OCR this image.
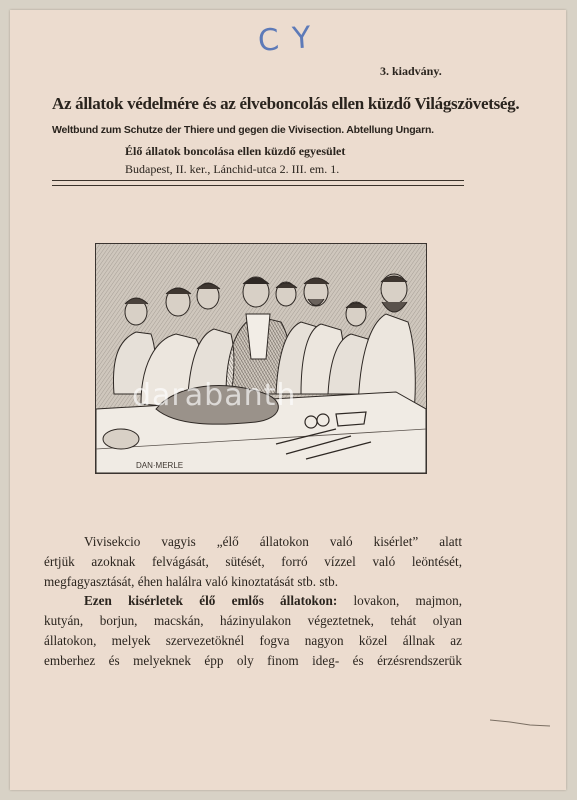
C Y
3. kiadvány.
Az állatok védelmére és az élveboncolás ellen küzdő Világszövetség.
Weltbund zum Schutze der Thiere und gegen die Vivisection. Abtellung Ungarn.
Élő állatok boncolása ellen küzdő egyesület
Budapest, II. ker., Lánchid-utca 2. III. em. 1.
DAN·MERLE
darabanth
Vivisekcio vagyis „élő állatokon való kisérlet” alatt
értjük azoknak felvágását, sütését, forró vízzel való leöntését,
megfagyasztását, éhen halálra való kinoztatását stb. stb.
Ezen kisérletek élő emlős állatokon: lovakon, majmon,
kutyán, borjun, macskán, házinyulakon végeztetnek, tehát olyan
állatokon, melyek szervezetöknél fogva nagyon közel állnak az
emberhez és melyeknek épp oly finom ideg- és érzésrendszerük
